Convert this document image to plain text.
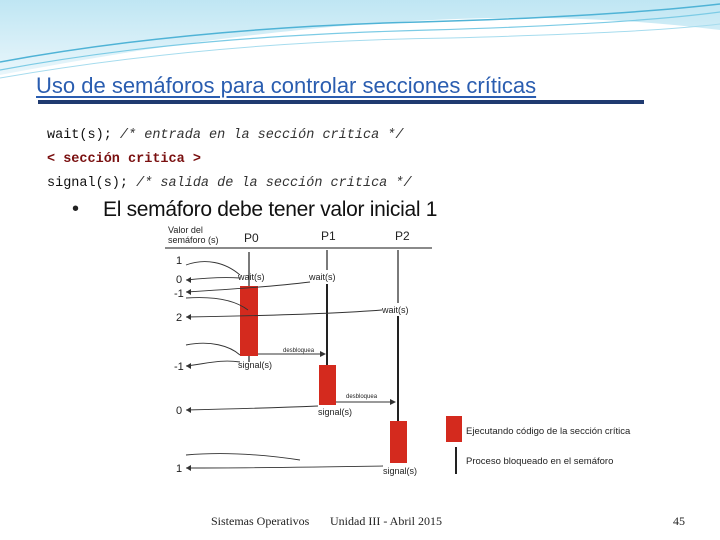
Uso de semáforos para controlar secciones críticas
wait(s); /* entrada en la sección critica */
< sección critica >
signal(s); /* salida de la sección critica */
• El semáforo debe tener valor inicial 1
Valor del
semáforo (s) P0	P1	P2
1
0
-1
2
-1
0
1
wait(s)	wait(s)
wait(s)
desbloquea
signal(s)
desbloquea
signal(s)
signal(s)
Ejecutando código de la sección crítica
Proceso bloqueado en el semáforo
Sistemas Operativos Unidad III - Abril 2015	45
